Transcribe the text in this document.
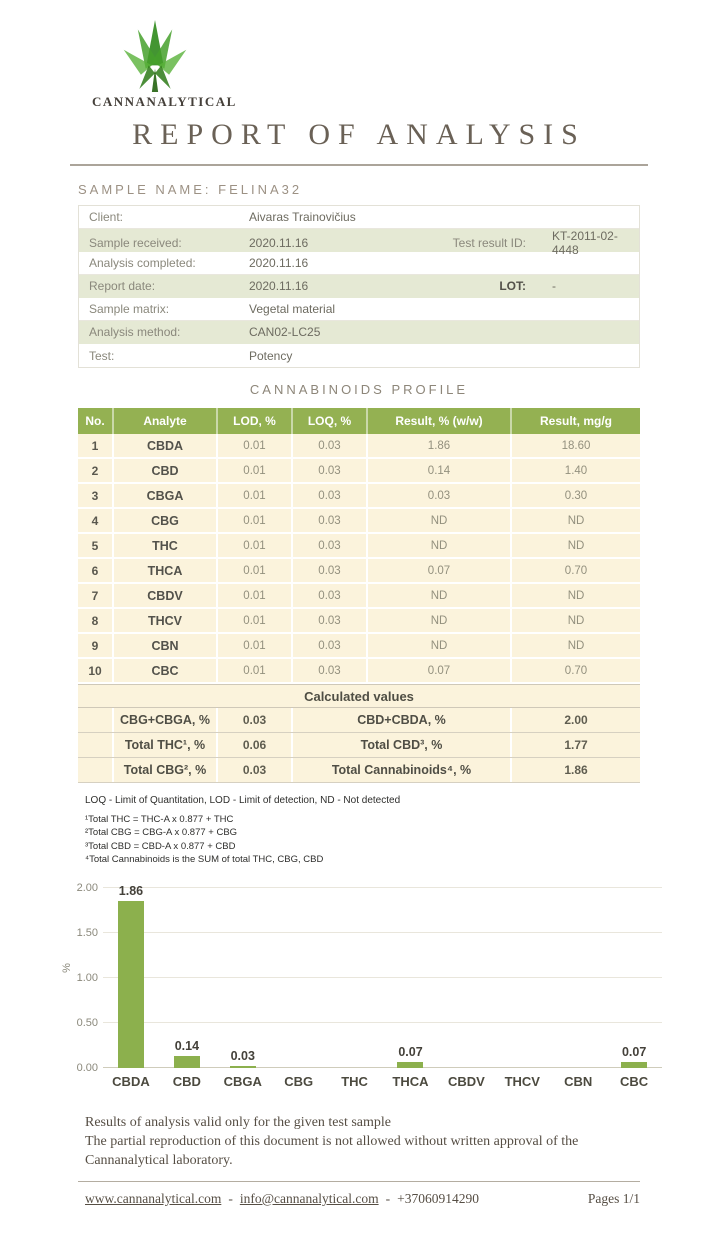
CANNANALYTICAL
REPORT OF ANALYSIS
SAMPLE NAME: FELINA32
Client:	Aivaras Trainovičius
Sample received:	2020.11.16	Test result ID:	KT-2011-02-4448
Analysis completed:	2020.11.16
Report date:	2020.11.16	LOT:	-
Sample matrix:	Vegetal material
Analysis method:	CAN02-LC25
Test:	Potency
CANNABINOIDS PROFILE
No.	Analyte	LOD, %	LOQ, %	Result, % (w/w)	Result, mg/g
1	CBDA	0.01	0.03	1.86	18.60
2	CBD	0.01	0.03	0.14	1.40
3	CBGA	0.01	0.03	0.03	0.30
4	CBG	0.01	0.03	ND	ND
5	THC	0.01	0.03	ND	ND
6	THCA	0.01	0.03	0.07	0.70
7	CBDV	0.01	0.03	ND	ND
8	THCV	0.01	0.03	ND	ND
9	CBN	0.01	0.03	ND	ND
10	CBC	0.01	0.03	0.07	0.70
Calculated values
CBG+CBGA, %	0.03	CBD+CBDA, %	2.00
Total THC¹, %	0.06	Total CBD³, %	1.77
Total CBG², %	0.03	Total Cannabinoids⁴, %	1.86
LOQ - Limit of Quantitation, LOD - Limit of detection, ND - Not detected
¹Total THC = THC-A x 0.877 + THC
²Total CBG = CBG-A x 0.877 + CBG
³Total CBD = CBD-A x 0.877 + CBD
⁴Total Cannabinoids is the SUM of total THC, CBG, CBD
%
0.00
0.50
1.00
1.50
2.00	1.86
0.14
0.03	0.07	0.07
CBDA	CBD	CBGA	CBG	THC	THCA	CBDV	THCV	CBN	CBC
Results of analysis valid only for the given test sample
The partial reproduction of this document is not allowed without written approval of the Cannanalytical laboratory.
www.cannanalytical.com - info@cannanalytical.com - +37060914290	Pages 1/1
